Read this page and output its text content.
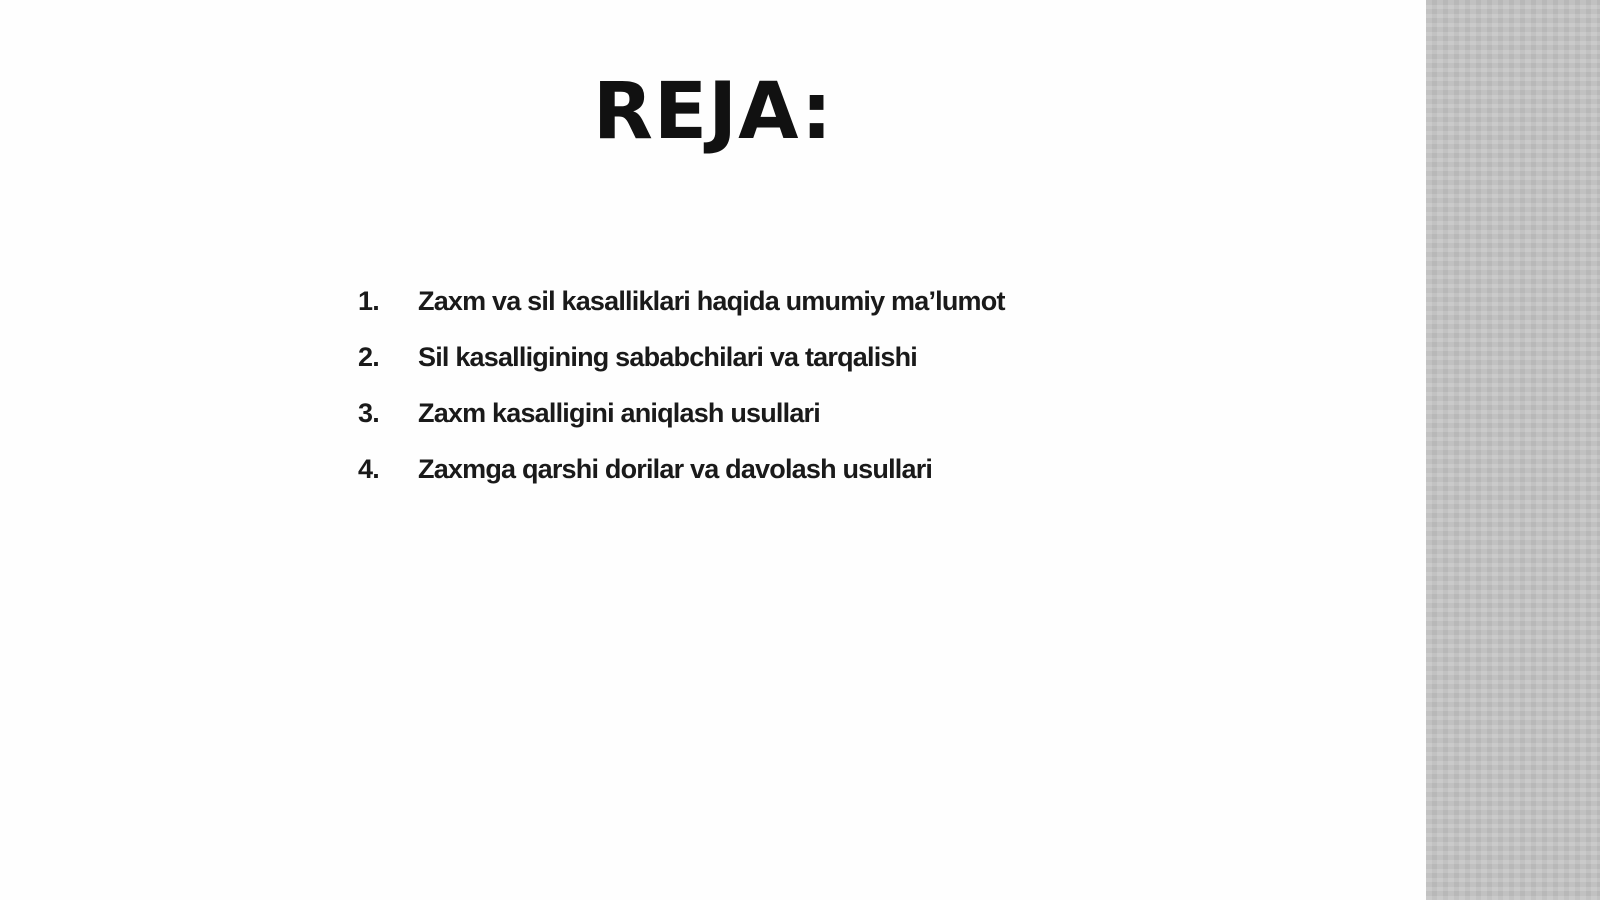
REJA:
1.	Zaxm va sil kasalliklari haqida umumiy ma’lumot
2.	Sil kasalligining sababchilari va tarqalishi
3.	Zaxm kasalligini aniqlash usullari
4.	Zaxmga qarshi dorilar va davolash usullari
